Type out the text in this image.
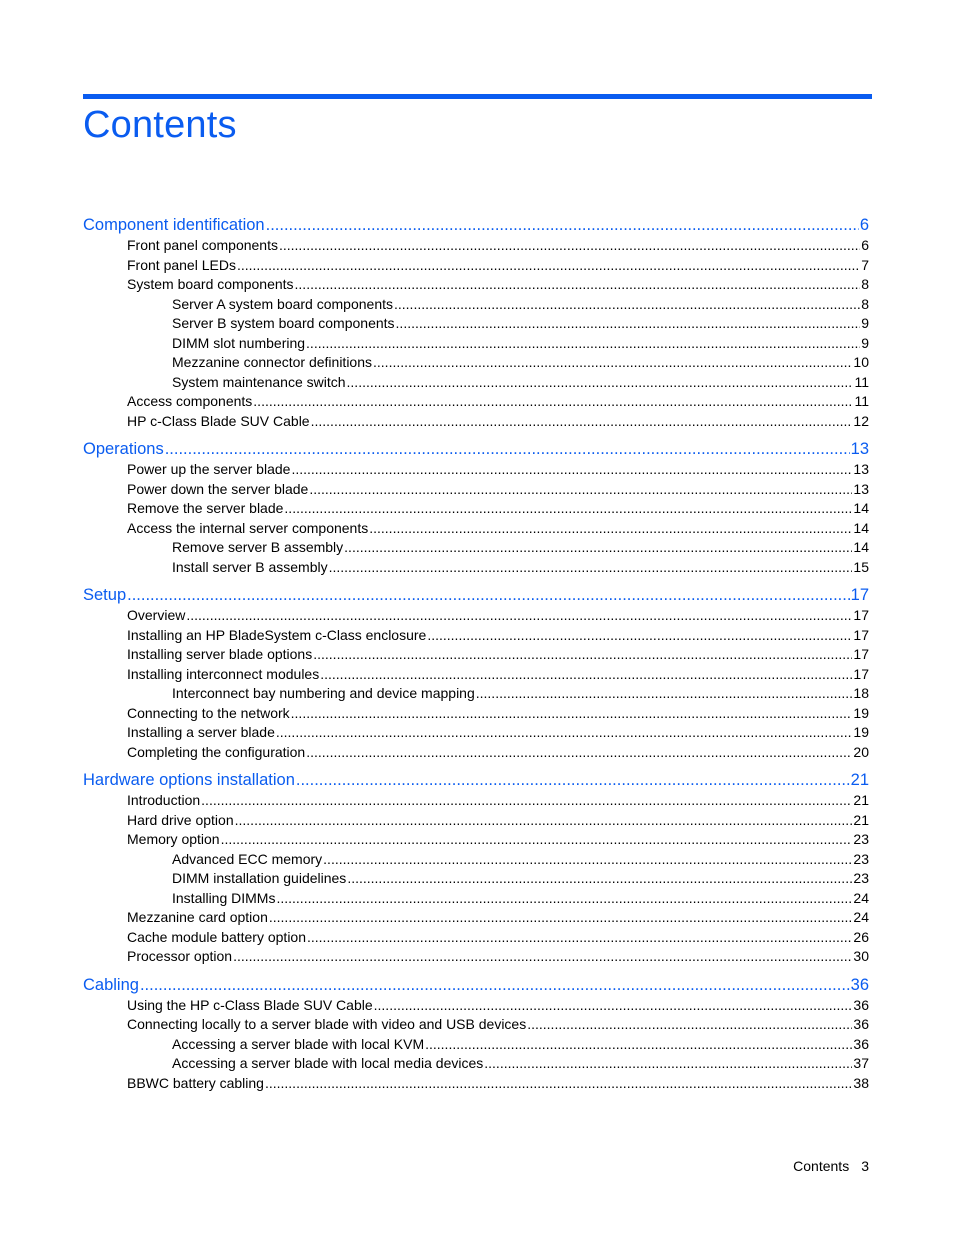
Contents
Component identification .....	6
Front panel components .....	6
Front panel LEDs .....	7
System board components .....	8
Server A system board components .....	8
Server B system board components .....	9
DIMM slot numbering .....	9
Mezzanine connector definitions .....	10
System maintenance switch .....	11
Access components .....	11
HP c-Class Blade SUV Cable .....	12
Operations .....	13
Power up the server blade .....	13
Power down the server blade .....	13
Remove the server blade .....	14
Access the internal server components .....	14
Remove server B assembly .....	14
Install server B assembly .....	15
Setup .....	17
Overview .....	17
Installing an HP BladeSystem c-Class enclosure .....	17
Installing server blade options .....	17
Installing interconnect modules .....	17
Interconnect bay numbering and device mapping .....	18
Connecting to the network .....	19
Installing a server blade .....	19
Completing the configuration .....	20
Hardware options installation .....	21
Introduction .....	21
Hard drive option .....	21
Memory option .....	23
Advanced ECC memory .....	23
DIMM installation guidelines .....	23
Installing DIMMs .....	24
Mezzanine card option .....	24
Cache module battery option .....	26
Processor option .....	30
Cabling .....	36
Using the HP c-Class Blade SUV Cable .....	36
Connecting locally to a server blade with video and USB devices .....	36
Accessing a server blade with local KVM .....	36
Accessing a server blade with local media devices .....	37
BBWC battery cabling .....	38
Contents 3
